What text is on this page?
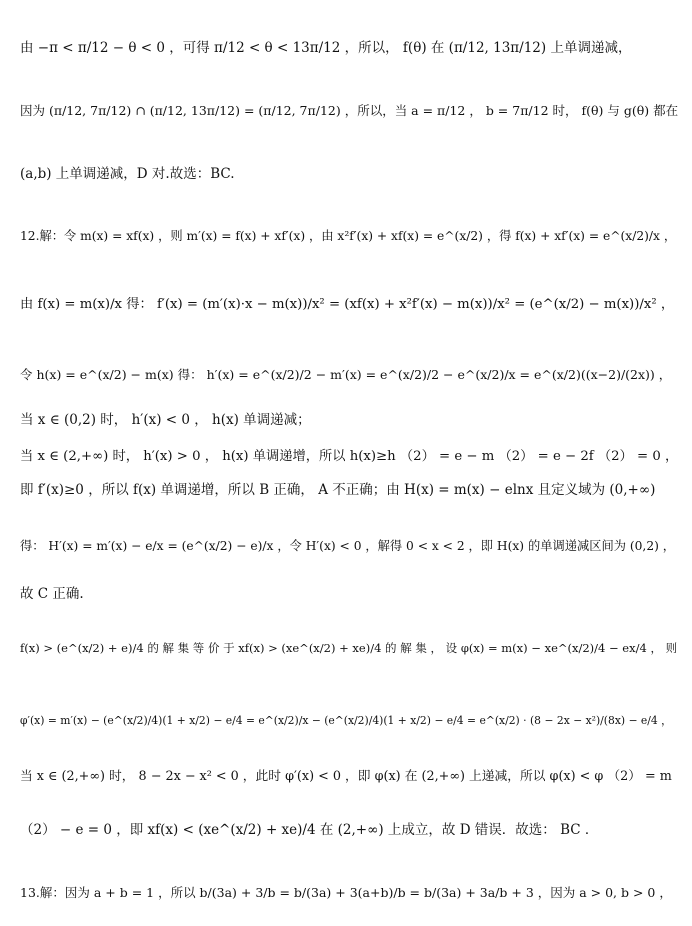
由 −π < π/12 − θ < 0 ，可得 π/12 < θ < 13π/12 ，所以， f(θ) 在 (π/12, 13π/12) 上单调递减，
因为 (π/12, 7π/12) ∩ (π/12, 13π/12) = (π/12, 7π/12) ，所以，当 a = π/12 ， b = 7π/12 时， f(θ) 与 g(θ) 都在
(a,b) 上单调递减，D 对.故选：BC.
12.解：令 m(x) = xf(x) ，则 m′(x) = f(x) + xf′(x) ，由 x²f′(x) + xf(x) = e^(x/2) ，得 f(x) + xf′(x) = e^(x/2)/x ，
由 f(x) = m(x)/x 得： f′(x) = (m′(x)·x − m(x))/x² = (xf(x) + x²f′(x) − m(x))/x² = (e^(x/2) − m(x))/x² ，
令 h(x) = e^(x/2) − m(x) 得： h′(x) = e^(x/2)/2 − m′(x) = e^(x/2)/2 − e^(x/2)/x = e^(x/2)((x−2)/(2x)) ，
当 x ∈ (0,2) 时， h′(x) < 0 ， h(x) 单调递减；
当 x ∈ (2,+∞) 时， h′(x) > 0 ， h(x) 单调递增，所以 h(x)≥h （2） = e − m （2） = e − 2f （2） = 0 ，
即 f′(x)≥0 ，所以 f(x) 单调递增，所以 B 正确， A 不正确；由 H(x) = m(x) − elnx 且定义域为 (0,+∞)
得： H′(x) = m′(x) − e/x = (e^(x/2) − e)/x ，令 H′(x) < 0 ，解得 0 < x < 2 ，即 H(x) 的单调递减区间为 (0,2) ，
故 C 正确.
f(x) > (e^(x/2) + e)/4 的 解 集 等 价 于 xf(x) > (xe^(x/2) + xe)/4 的 解 集 ， 设 φ(x) = m(x) − xe^(x/2)/4 − ex/4 ， 则
φ′(x) = m′(x) − (e^(x/2)/4)(1 + x/2) − e/4 = e^(x/2)/x − (e^(x/2)/4)(1 + x/2) − e/4 = e^(x/2) · (8 − 2x − x²)/(8x) − e/4 ，
当 x ∈ (2,+∞) 时， 8 − 2x − x² < 0 ，此时 φ′(x) < 0 ，即 φ(x) 在 (2,+∞) 上递减，所以 φ(x) < φ （2） = m
（2） − e = 0 ，即 xf(x) < (xe^(x/2) + xe)/4 在 (2,+∞) 上成立，故 D 错误．故选： BC ．
13.解：因为 a + b = 1 ，所以 b/(3a) + 3/b = b/(3a) + 3(a+b)/b = b/(3a) + 3a/b + 3 ，因为 a > 0, b > 0 ，
